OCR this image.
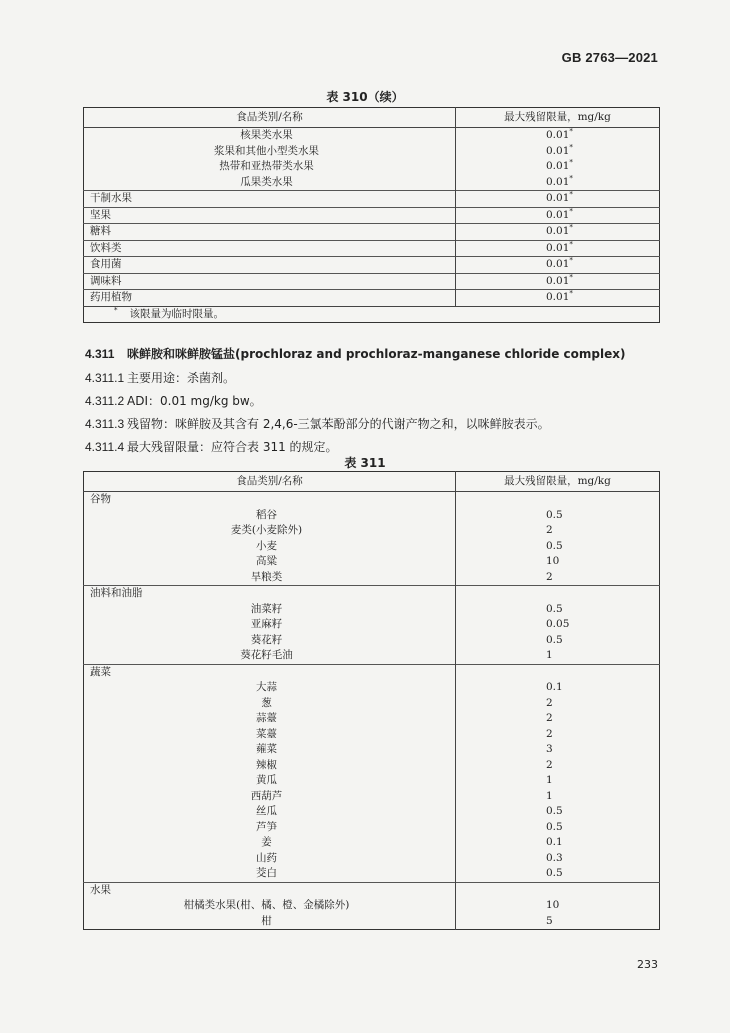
GB 2763—2021
表 310（续）
食品类别/名称	最大残留限量，mg/kg
核果类水果	0.01*
浆果和其他小型类水果	0.01*
热带和亚热带类水果	0.01*
瓜果类水果	0.01*
干制水果	0.01*
坚果	0.01*
糖料	0.01*
饮料类	0.01*
食用菌	0.01*
调味料	0.01*
药用植物	0.01*
* 该限量为临时限量。	
4.311 咪鲜胺和咪鲜胺锰盐(prochloraz and prochloraz-manganese chloride complex)
4.311.1 主要用途：杀菌剂。
4.311.2 ADI：0.01 mg/kg bw。
4.311.3 残留物：咪鲜胺及其含有 2,4,6-三氯苯酚部分的代谢产物之和，以咪鲜胺表示。
4.311.4 最大残留限量：应符合表 311 的规定。
表 311
食品类别/名称	最大残留限量，mg/kg
谷物	
稻谷	0.5
麦类(小麦除外)	2
小麦	0.5
高粱	10
旱粮类	2
油料和油脂	
油菜籽	0.5
亚麻籽	0.05
葵花籽	0.5
葵花籽毛油	1
蔬菜	
大蒜	0.1
葱	2
蒜薹	2
菜薹	2
蕹菜	3
辣椒	2
黄瓜	1
西葫芦	1
丝瓜	0.5
芦笋	0.5
姜	0.1
山药	0.3
茭白	0.5
水果	
柑橘类水果(柑、橘、橙、金橘除外)	10
柑	5
233
